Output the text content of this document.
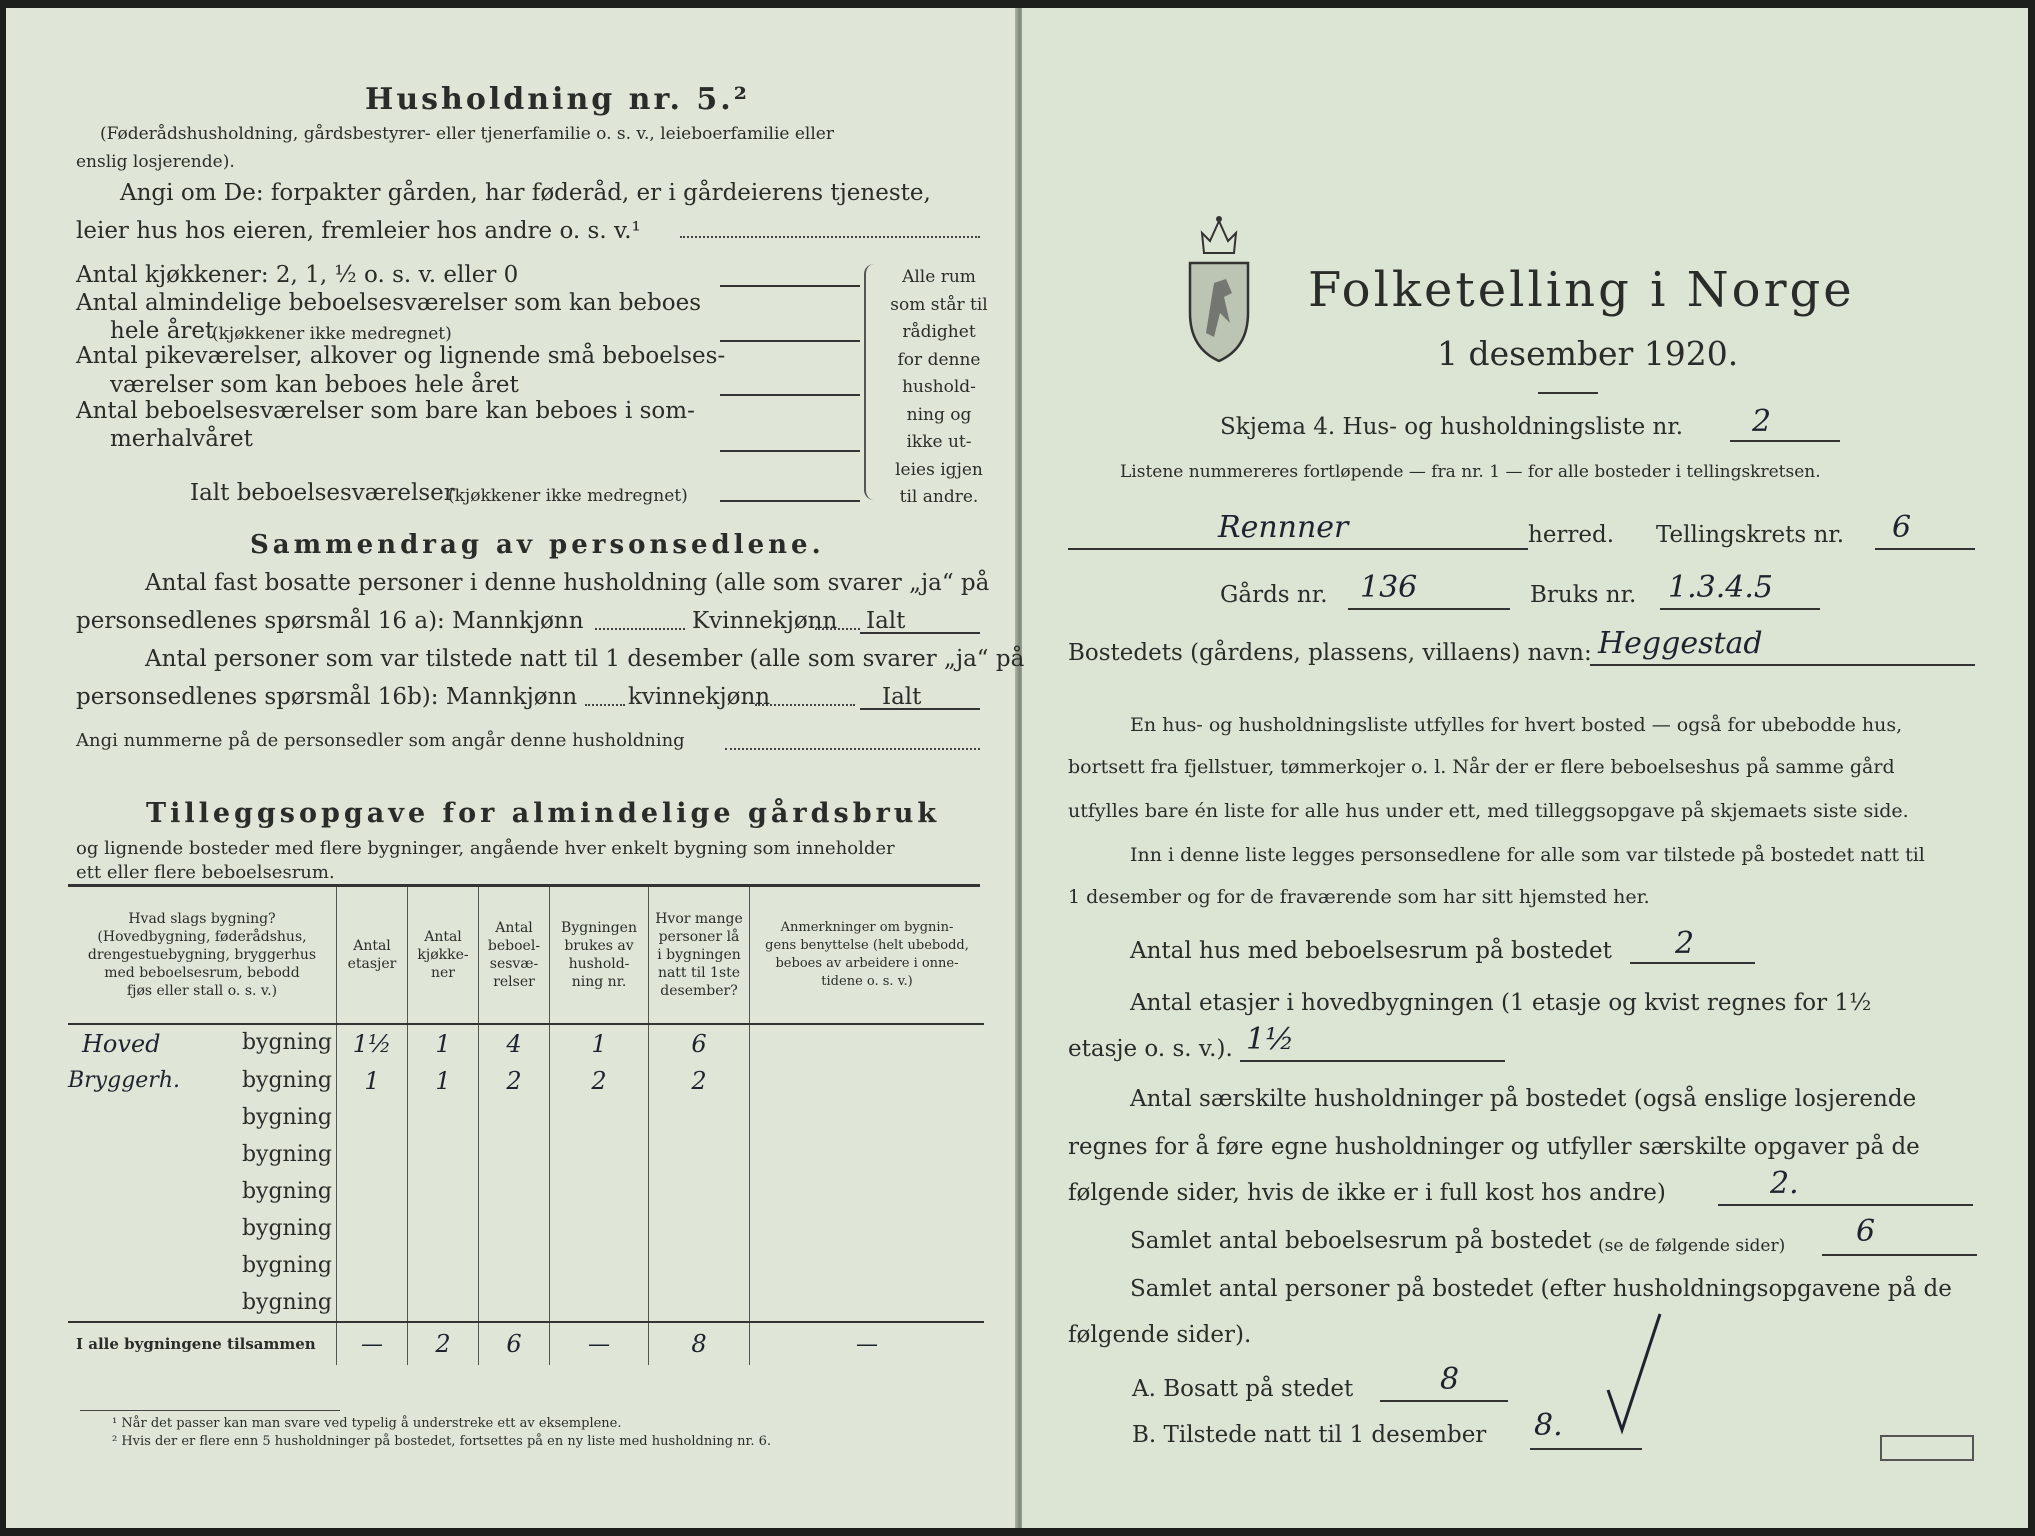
Husholdning nr. 5.²
(Føderådshusholdning, gårdsbestyrer- eller tjenerfamilie o. s. v., leieboerfamilie eller
enslig losjerende).
Angi om De: forpakter gården, har føderåd, er i gårdeierens tjeneste,
leier hus hos eieren, fremleier hos andre o. s. v.¹
Antal kjøkkener: 2, 1, ½ o. s. v. eller 0
Antal almindelige beboelsesværelser som kan beboes
hele året
(kjøkkener ikke medregnet)
Antal pikeværelser, alkover og lignende små beboelses-
værelser som kan beboes hele året
Antal beboelsesværelser som bare kan beboes i som-
merhalvåret
Ialt beboelsesværelser
(kjøkkener ikke medregnet)
Alle rum
som står til
rådighet
for denne
hushold-
ning og
ikke ut-
leies igjen
til andre.
Sammendrag av personsedlene.
Antal fast bosatte personer i denne husholdning (alle som svarer „ja“ på
personsedlenes spørsmål 16 a): Mannkjønn	Kvinnekjønn Ialt
Antal personer som var tilstede natt til 1 desember (alle som svarer „ja“ på
personsedlenes spørsmål 16b): Mannkjønn kvinnekjønn	Ialt
Angi nummerne på de personsedler som angår denne husholdning
Tilleggsopgave for almindelige gårdsbruk
og lignende bosteder med flere bygninger, angående hver enkelt bygning som inneholder
ett eller flere beboelsesrum.
Hvad slags bygning?
(Hovedbygning, føderådshus,
drengestuebygning, bryggerhus
med beboelsesrum, bebodd
fjøs eller stall o. s. v.)	Antal
etasjer	Antal
kjøkke-
ner	Antal
beboel-
sesvæ-
relser	Bygningen
brukes av
hushold-
ning nr.	Hvor mange
personer lå
i bygningen
natt til 1ste
desember?	Anmerkninger om bygnin-
gens benyttelse (helt ubebodd,
beboes av arbeidere i onne-
tidene o. s. v.)

Hoved bygning	1½	1	4	1	6	

Bryggerh. bygning	1	1	2	2	2	
bygning						
bygning						
bygning						
bygning						
bygning						
bygning						
I alle bygningene tilsammen	—	2	6	—	8	—
¹ Når det passer kan man svare ved typelig å understreke ett av eksemplene.
² Hvis der er flere enn 5 husholdninger på bostedet, fortsettes på en ny liste med husholdning nr. 6.
Folketelling i Norge
1 desember 1920.
Skjema 4. Hus- og husholdningsliste nr. 2
Listene nummereres fortløpende — fra nr. 1 — for alle bosteder i tellingskretsen.
Rennner	herred. Tellingskrets nr. 6
Gårds nr. 136	Bruks nr. 1.3.4.5
Bostedets (gårdens, plassens, villaens) navn: Heggestad
En hus- og husholdningsliste utfylles for hvert bosted — også for ubebodde hus,
bortsett fra fjellstuer, tømmerkojer o. l. Når der er flere beboelseshus på samme gård
utfylles bare én liste for alle hus under ett, med tilleggsopgave på skjemaets siste side.
Inn i denne liste legges personsedlene for alle som var tilstede på bostedet natt til
1 desember og for de fraværende som har sitt hjemsted her.
Antal hus med beboelsesrum på bostedet 2
Antal etasjer i hovedbygningen (1 etasje og kvist regnes for 1½
etasje o. s. v.). 1½
Antal særskilte husholdninger på bostedet (også enslige losjerende
regnes for å føre egne husholdninger og utfyller særskilte opgaver på de
følgende sider, hvis de ikke er i full kost hos andre)	2.
Samlet antal beboelsesrum på bostedet (se de følgende sider) 6
Samlet antal personer på bostedet (efter husholdningsopgavene på de
følgende sider).
A. Bosatt på stedet	8
B. Tilstede natt til 1 desember 8.
